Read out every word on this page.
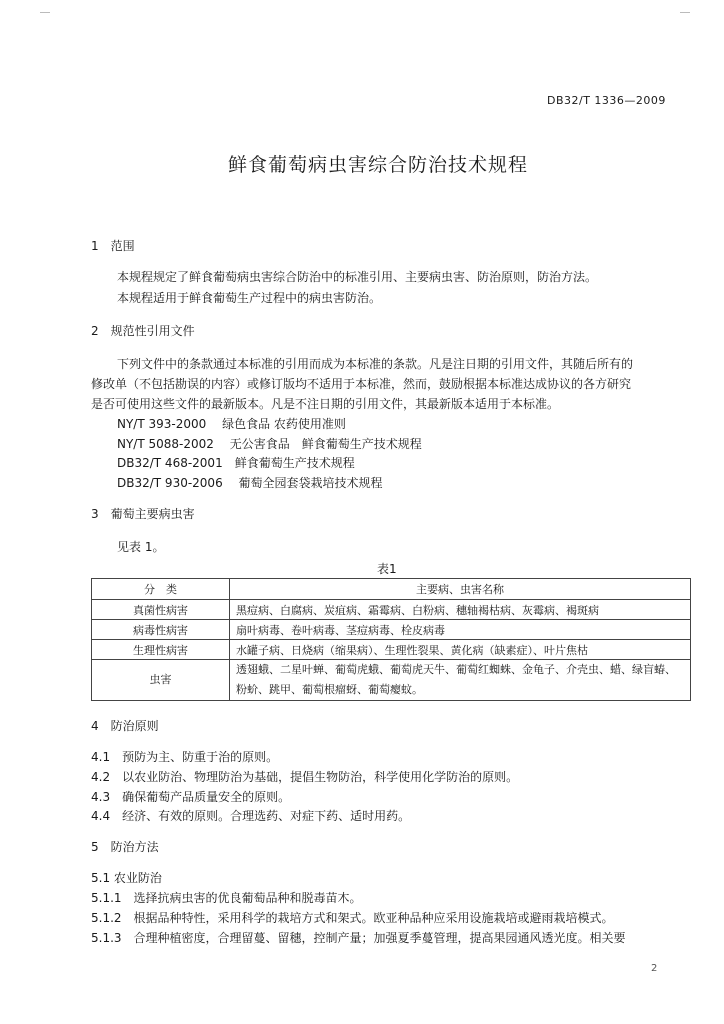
DB32/T 1336—2009
鲜食葡萄病虫害综合防治技术规程
1　范围
本规程规定了鲜食葡萄病虫害综合防治中的标准引用、主要病虫害、防治原则，防治方法。
本规程适用于鲜食葡萄生产过程中的病虫害防治。
2　规范性引用文件
下列文件中的条款通过本标准的引用而成为本标准的条款。凡是注日期的引用文件，其随后所有的
修改单（不包括勘误的内容）或修订版均不适用于本标准，然而，鼓励根据本标准达成协议的各方研究
是否可使用这些文件的最新版本。凡是不注日期的引用文件，其最新版本适用于本标准。
NY/T 393-2000　 绿色食品 农药使用准则
NY/T 5088-2002　 无公害食品　鲜食葡萄生产技术规程
DB32/T 468-2001　鲜食葡萄生产技术规程
DB32/T 930-2006　 葡萄全园套袋栽培技术规程
3　葡萄主要病虫害
见表 1。
表1
分　类	主要病、虫害名称
真菌性病害	黑痘病、白腐病、炭疽病、霜霉病、白粉病、穗轴褐枯病、灰霉病、褐斑病
病毒性病害	扇叶病毒、卷叶病毒、茎痘病毒、栓皮病毒
生理性病害	水罐子病、日烧病（缩果病）、生理性裂果、黄化病（缺素症）、叶片焦枯
虫害	透翅蛾、二星叶蝉、葡萄虎蛾、葡萄虎天牛、葡萄红蜘蛛、金龟子、介壳虫、蜡、绿盲蝽、粉蚧、跳甲、葡萄根瘤蚜、葡萄瘿蚊。
4　防治原则
4.1　预防为主、防重于治的原则。
4.2　以农业防治、物理防治为基础，提倡生物防治，科学使用化学防治的原则。
4.3　确保葡萄产品质量安全的原则。
4.4　经济、有效的原则。合理选药、对症下药、适时用药。
5　防治方法
5.1 农业防治
5.1.1　选择抗病虫害的优良葡萄品种和脱毒苗木。
5.1.2　根据品种特性，采用科学的栽培方式和架式。欧亚种品种应采用设施栽培或避雨栽培模式。
5.1.3　合理种植密度，合理留蔓、留穗，控制产量；加强夏季蔓管理，提高果园通风透光度。相关要
2
